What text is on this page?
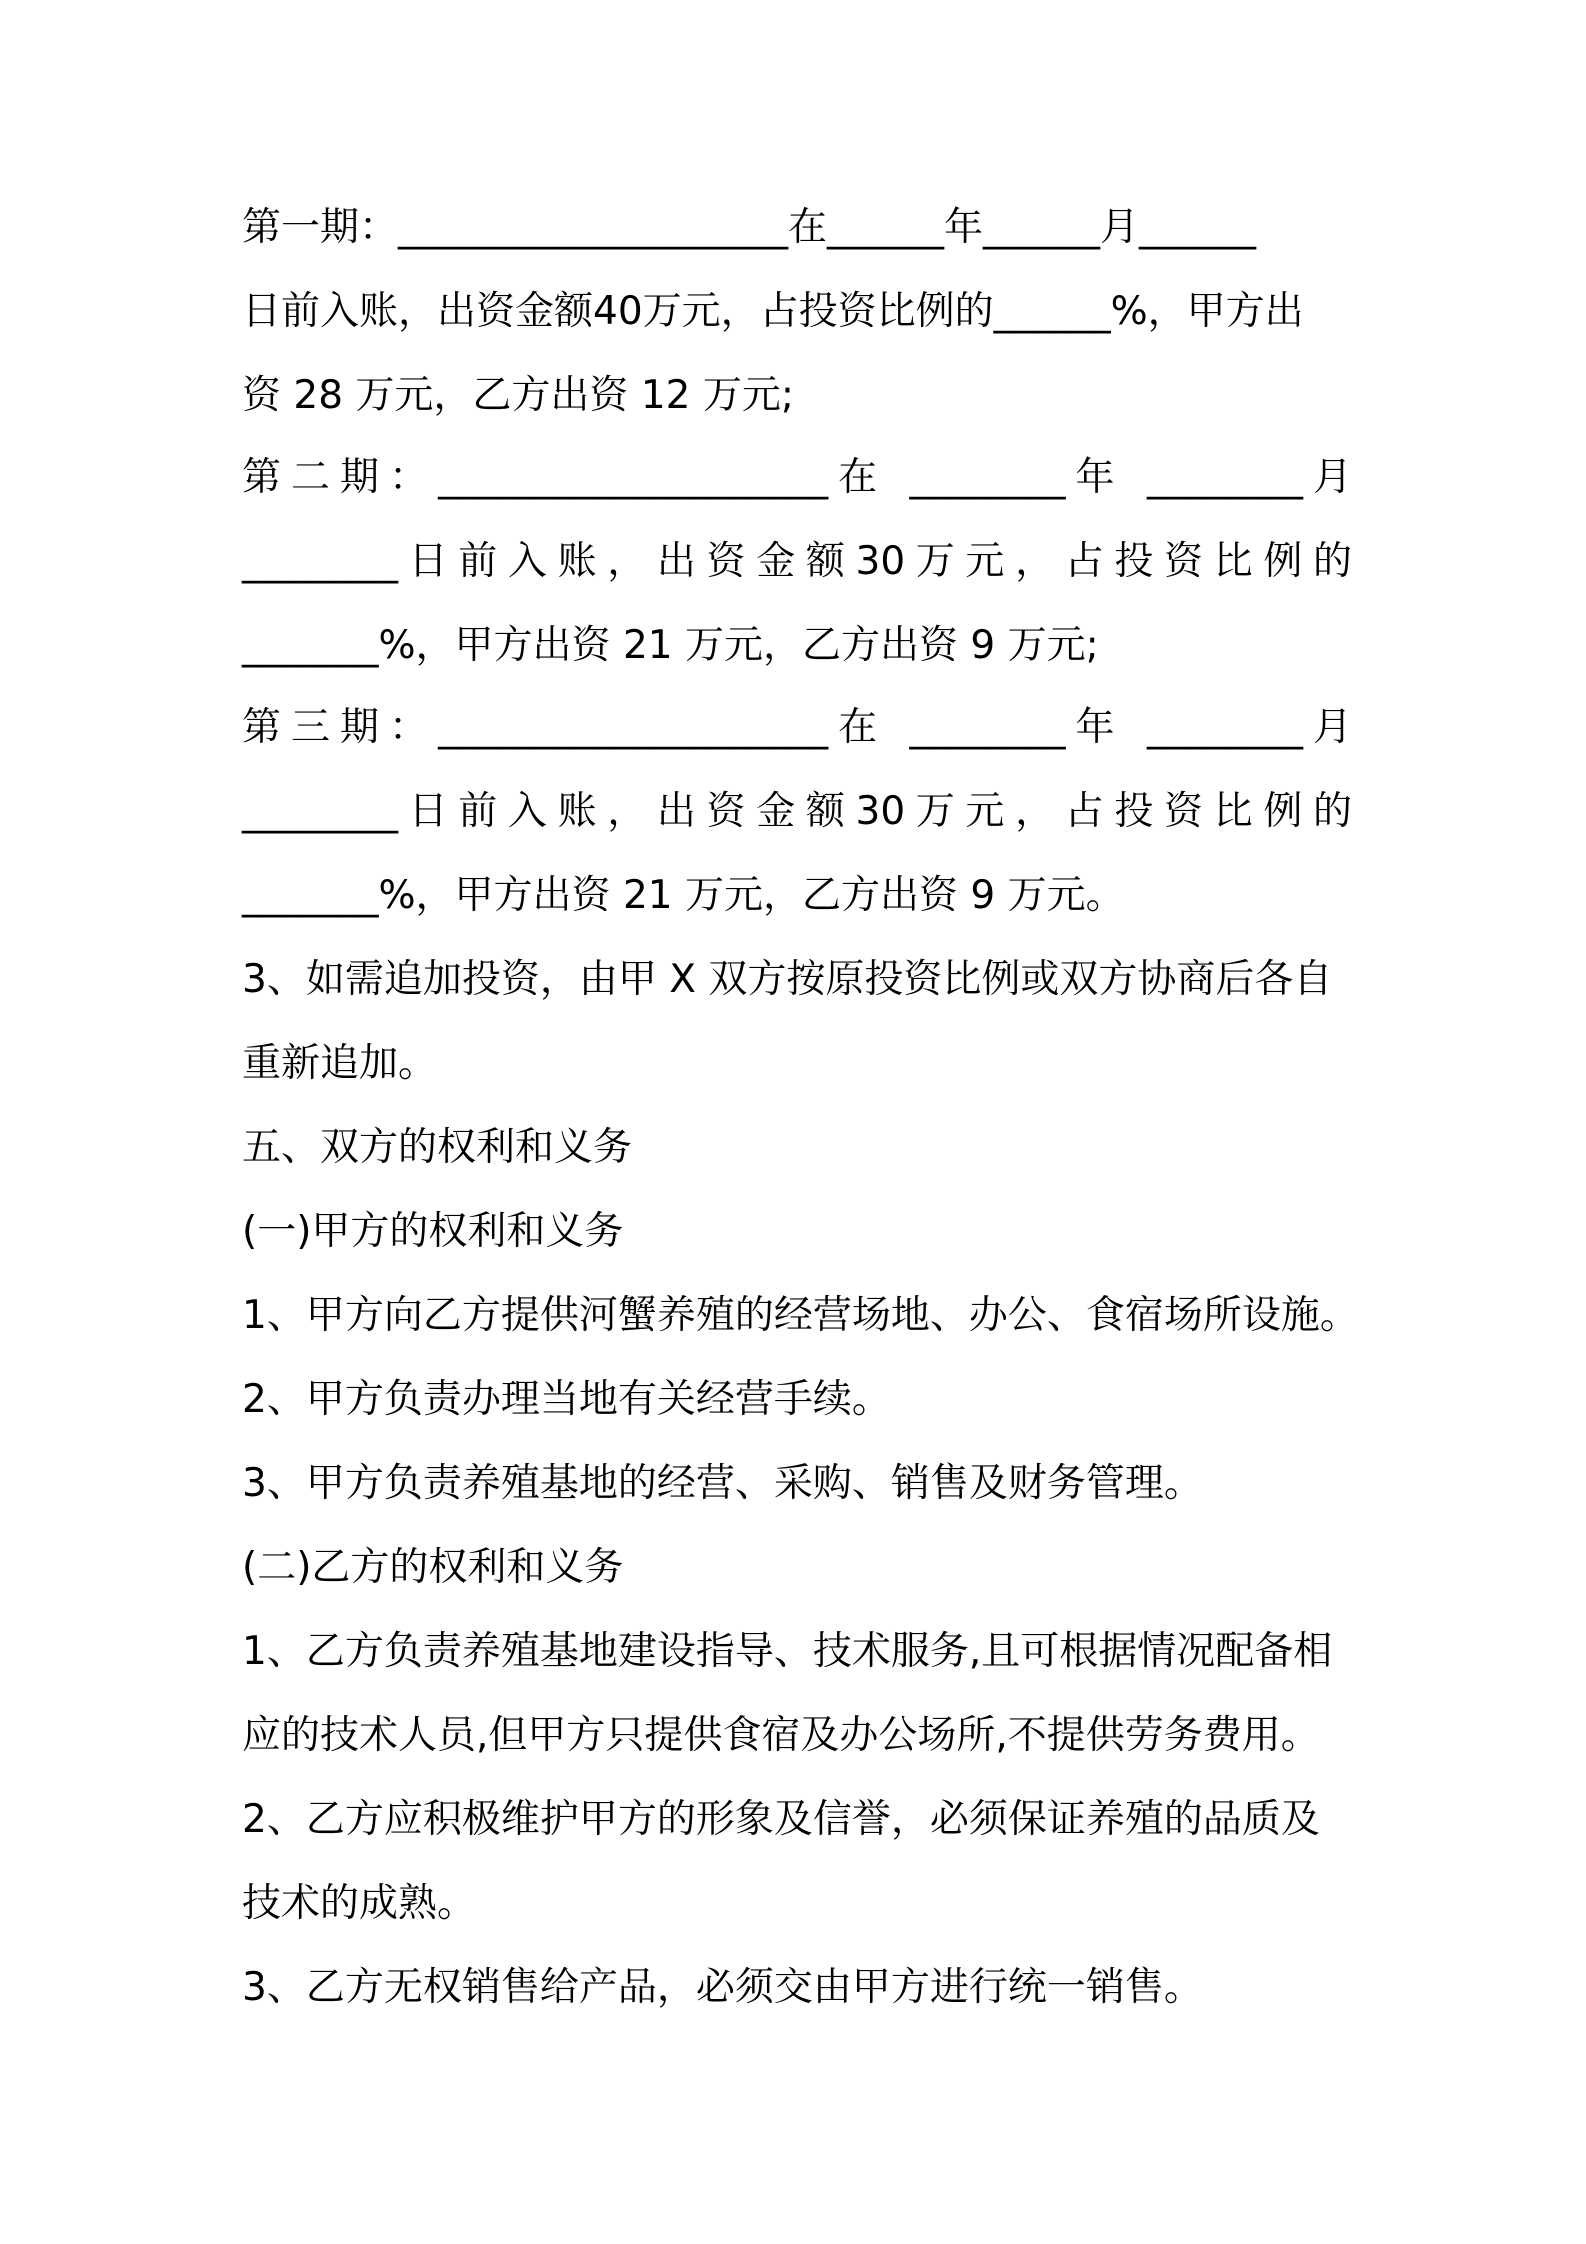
第一期：____________________在______年______月______
日前入账，出资金额40万元，占投资比例的______%，甲方出
资 28 万元，乙方出资 12 万元;
第二期：____________________在 ________年 ________月
________日前入账，出资金额30万元，占投资比例的
_______%，甲方出资 21 万元，乙方出资 9 万元;
第三期：____________________在 ________年 ________月
________日前入账，出资金额30万元，占投资比例的
_______%，甲方出资 21 万元，乙方出资 9 万元。
3、如需追加投资，由甲 X 双方按原投资比例或双方协商后各自
重新追加。
五、双方的权利和义务
(一)甲方的权利和义务
1、甲方向乙方提供河蟹养殖的经营场地、办公、食宿场所设施。
2、甲方负责办理当地有关经营手续。
3、甲方负责养殖基地的经营、采购、销售及财务管理。
(二)乙方的权利和义务
1、乙方负责养殖基地建设指导、技术服务,且可根据情况配备相
应的技术人员,但甲方只提供食宿及办公场所,不提供劳务费用。
2、乙方应积极维护甲方的形象及信誉，必须保证养殖的品质及
技术的成熟。
3、乙方无权销售给产品，必须交由甲方进行统一销售。
